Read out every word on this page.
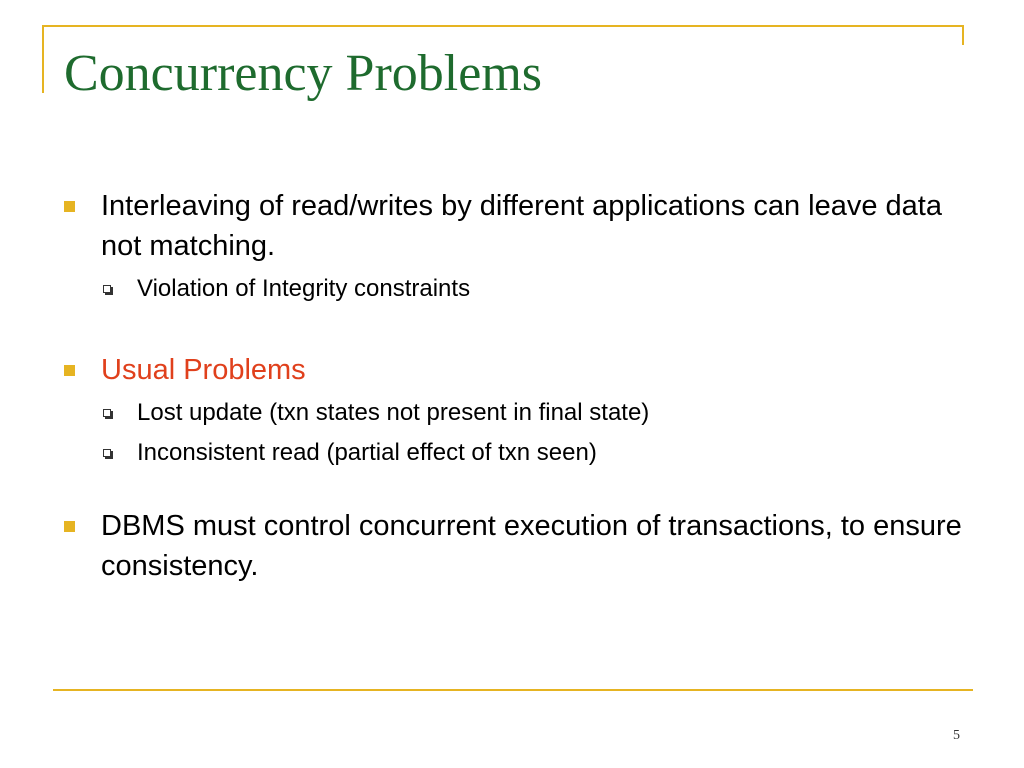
Concurrency Problems
Interleaving of read/writes by different applications can leave data not matching.
Violation of Integrity constraints
Usual Problems
Lost update (txn states not present in final state)
Inconsistent read (partial effect of txn seen)
DBMS must control concurrent execution of transactions, to ensure consistency.
5
